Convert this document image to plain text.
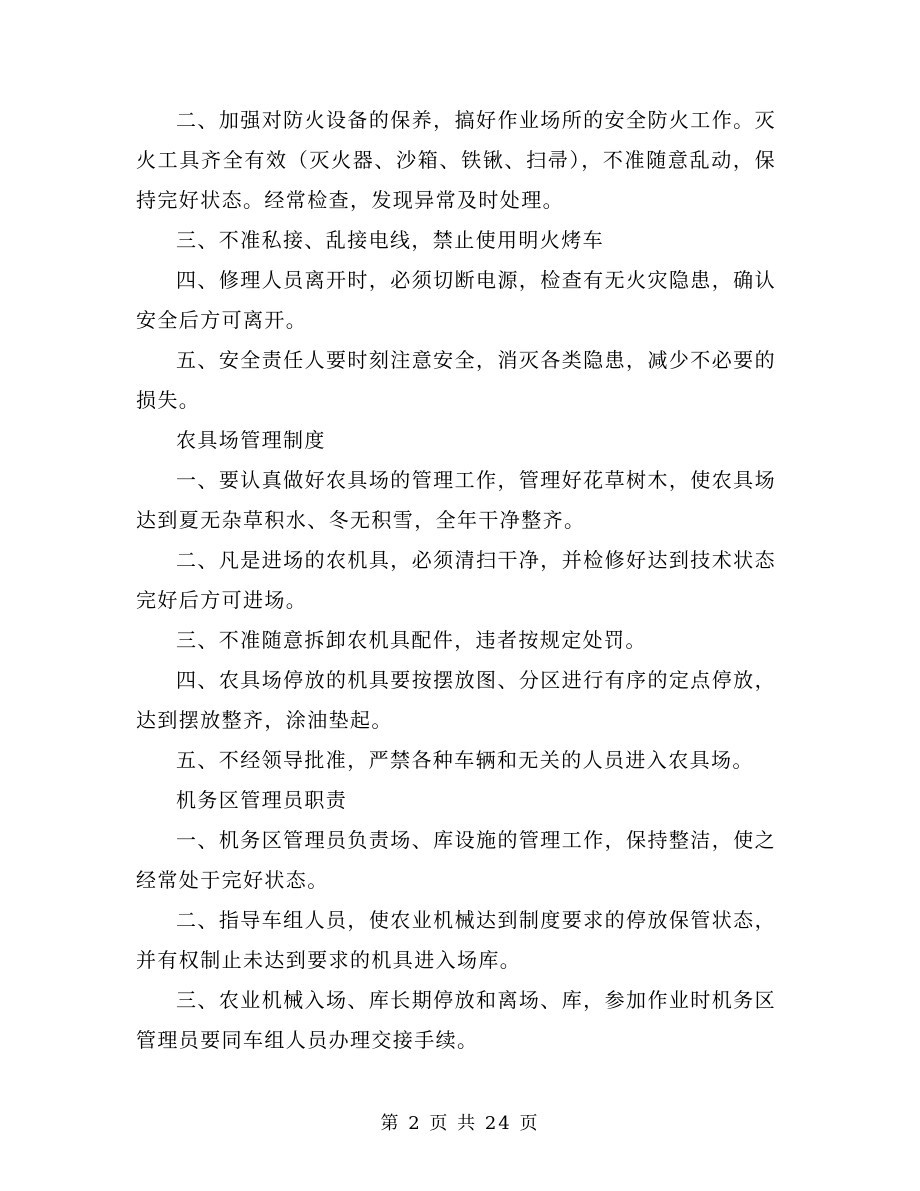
二、加强对防火设备的保养，搞好作业场所的安全防火工作。灭火工具齐全有效（灭火器、沙箱、铁锹、扫帚），不准随意乱动，保持完好状态。经常检查，发现异常及时处理。

三、不准私接、乱接电线，禁止使用明火烤车

四、修理人员离开时，必须切断电源，检查有无火灾隐患，确认安全后方可离开。

五、安全责任人要时刻注意安全，消灭各类隐患，减少不必要的损失。

农具场管理制度

一、要认真做好农具场的管理工作，管理好花草树木，使农具场达到夏无杂草积水、冬无积雪，全年干净整齐。

二、凡是进场的农机具，必须清扫干净，并检修好达到技术状态完好后方可进场。

三、不准随意拆卸农机具配件，违者按规定处罚。

四、农具场停放的机具要按摆放图、分区进行有序的定点停放，达到摆放整齐，涂油垫起。

五、不经领导批准，严禁各种车辆和无关的人员进入农具场。

机务区管理员职责

一、机务区管理员负责场、库设施的管理工作，保持整洁，使之经常处于完好状态。

二、指导车组人员，使农业机械达到制度要求的停放保管状态，并有权制止未达到要求的机具进入场库。

三、农业机械入场、库长期停放和离场、库，参加作业时机务区管理员要同车组人员办理交接手续。

第 2 页 共 24 页
